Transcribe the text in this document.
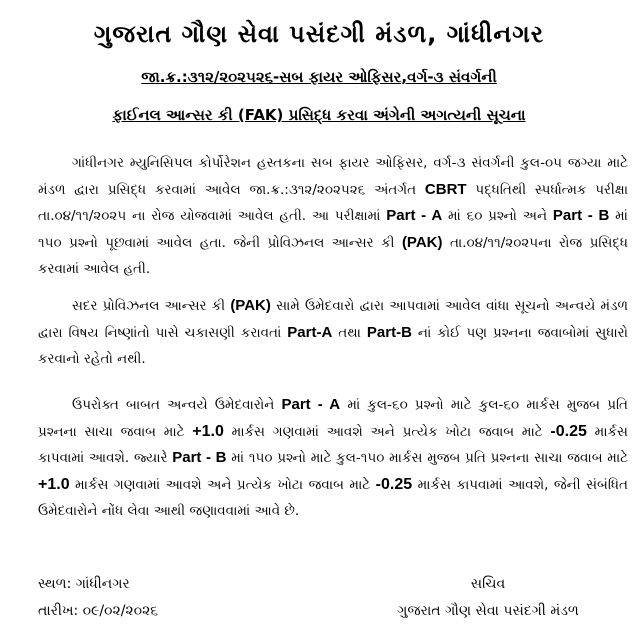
ગુજરાત ગૌણ સેવા પસંદગી મંડળ, ગાંધીનગર
જા.ક્ર.:૩૧૨/૨૦૨૫૨૬-સબ ફાયર ઓફિસર,વર્ગ-૩ સંવર્ગની
ફાઈનલ આન્સર કી (FAK) પ્રસિદ્ધ કરવા અંગેની અગત્યની સૂચના
ગાંધીનગર મ્યુનિસિપલ કોર્પોરેશન હસ્તકના સબ ફાયર ઓફિસર, વર્ગ-૩ સંવર્ગની કુલ-૦૫ જગ્યા માટે મંડળ દ્વારા પ્રસિદ્ધ કરવામાં આવેલ જા.ક્ર.:૩૧૨/૨૦૨૫૨૬ અંતર્ગત CBRT પદ્ધતિથી સ્પર્ધાત્મક પરીક્ષા તા.૦૪/૧૧/૨૦૨૫ ના રોજ યોજવામાં આવેલ હતી. આ પરીક્ષામાં Part - A માં ૬૦ પ્રશ્નો અને Part - B માં ૧૫૦ પ્રશ્નો પૂછવામાં આવેલ હતા. જેની પ્રોવિઝનલ આન્સર કી (PAK) તા.૦૪/૧૧/૨૦૨૫ના રોજ પ્રસિદ્ધ કરવામાં આવેલ હતી.
સદર પ્રોવિઝનલ આન્સર કી (PAK) સામે ઉમેદવારો દ્વારા આપવામાં આવેલ વાંધા સૂચનો અન્વયે મંડળ દ્વારા વિષય નિષ્ણાંતો પાસે ચકાસણી કરાવતાં Part-A તથા Part-B નાં કોઈ પણ પ્રશ્નના જવાબોમાં સુધારો કરવાનો રહેતો નથી.
ઉપરોક્ત બાબત અન્વયે ઉમેદવારોને Part - A માં કુલ-૬૦ પ્રશ્નો માટે કુલ-૬૦ માર્કસ મુજબ પ્રતિ પ્રશ્નના સાચા જવાબ માટે +1.0 માર્કસ ગણવામાં આવશે અને પ્રત્યેક ખોટા જવાબ માટે -0.25 માર્કસ કાપવામાં આવશે. જ્યારે Part - B માં ૧૫૦ પ્રશ્નો માટે કુલ-૧૫૦ માર્કસ મુજબ પ્રતિ પ્રશ્નના સાચા જવાબ માટે +1.0 માર્કસ ગણવામાં આવશે અને પ્રત્યેક ખોટા જવાબ માટે -0.25 માર્કસ કાપવામાં આવશે, જેની સંબંધિત ઉમેદવારોને નોંધ લેવા આથી જણાવવામાં આવે છે.
સ્થળ: ગાંધીનગર
તારીખ: ૦૯/૦૨/૨૦૨૬
સચિવ
ગુજરાત ગૌણ સેવા પસંદગી મંડળ
